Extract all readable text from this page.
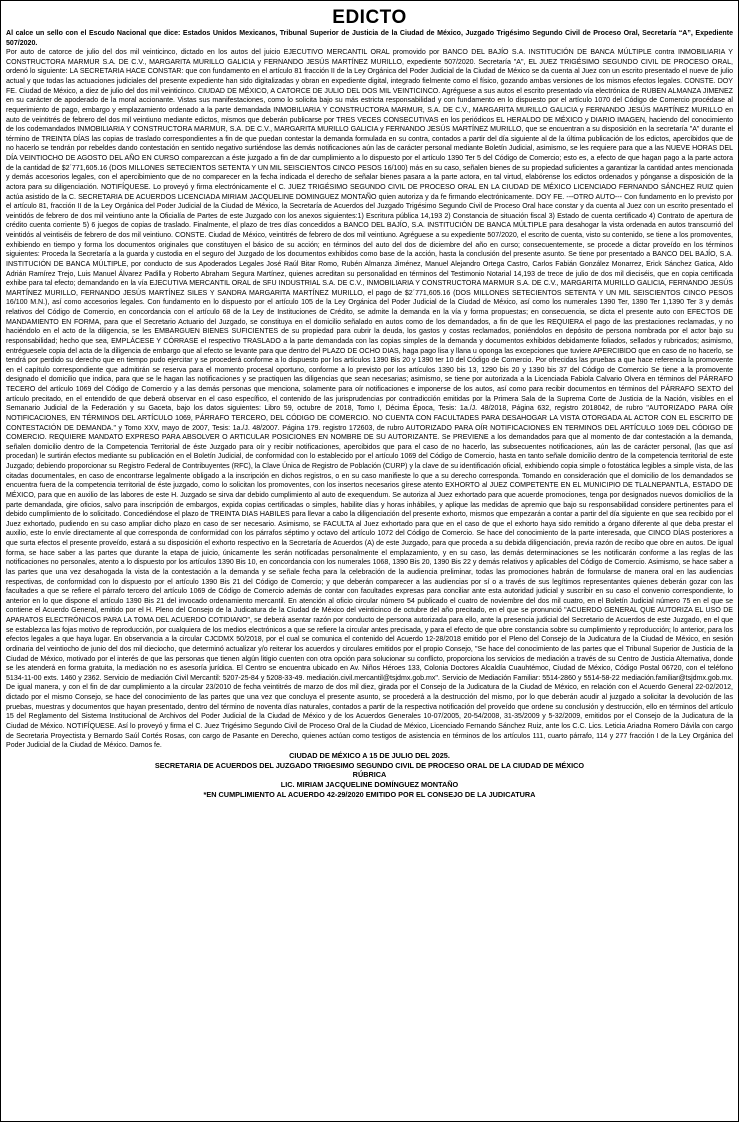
EDICTO

Al calce un sello con el Escudo Nacional que dice: Estados Unidos Mexicanos, Tribunal Superior de Justicia de la Ciudad de México, Juzgado Trigésimo Segundo Civil de Proceso Oral, Secretaría “A”, Expediente 507/2020.

Por auto de catorce de julio del dos mil veinticinco, dictado en los autos del juicio EJECUTIVO MERCANTIL ORAL promovido por BANCO DEL BAJÍO S.A. INSTITUCIÓN DE BANCA MÚLTIPLE contra INMOBILIARIA Y CONSTRUCTORA MARMUR S.A. DE C.V., MARGARITA MURILLO GALICIA y FERNANDO JESÚS MARTÍNEZ MURILLO, expediente 507/2020. Secretaría "A", EL JUEZ TRIGÉSIMO SEGUNDO CIVIL DE PROCESO ORAL, ordenó lo siguiente: LA SECRETARIA HACE CONSTAR: que con fundamento en el artículo 81 fracción II de la Ley Orgánica del Poder Judicial de la Ciudad de México se da cuenta al Juez con un escrito presentado el nueve de julio actual y que todas las actuaciones judiciales del presente expediente han sido digitalizadas y obran en expediente digital, integrado fielmente como el físico, gozando ambas versiones de los mismos efectos legales. CONSTE. DOY FE. Ciudad de México, a diez de julio del dos mil veinticinco. CIUDAD DE MÉXICO, A CATORCE DE JULIO DEL DOS MIL VEINTICINCO. Agréguese a sus autos el escrito presentado vía electrónica de RUBEN ALMANZA JIMENEZ en su carácter de apoderado de la moral accionante. Vistas sus manifestaciones, como lo solicita bajo su más estricta responsabilidad y con fundamento en lo dispuesto por el artículo 1070 del Código de Comercio procédase al requerimiento de pago, embargo y emplazamiento ordenado a la parte demandada INMOBILIARIA Y CONSTRUCTORA MARMUR, S.A. DE C.V., MARGARITA MURILLO GALICIA y FERNANDO JESÚS MARTÍNEZ MURILLO en auto de veintitrés de febrero del dos mil veintiuno mediante edictos, mismos que deberán publicarse por TRES VECES CONSECUTIVAS en los periódicos EL HERALDO DE MÉXICO y DIARIO IMAGEN, haciendo del conocimiento de los codemandados INMOBILIARIA Y CONSTRUCTORA MARMUR, S.A. DE C.V., MARGARITA MURILLO GALICIA y FERNANDO JESÚS MARTÍNEZ MURILLO, que se encuentran a su disposición en la secretaría "A" durante el término de TREINTA DÍAS las copias de traslado correspondientes a fin de que puedan contestar la demanda formulada en su contra, contados a partir del día siguiente al de la última publicación de los edictos, apercibidos que de no hacerlo se tendrán por rebeldes dando contestación en sentido negativo surtiéndose las demás notificaciones aún las de carácter personal mediante Boletín Judicial, asimismo, se les requiere para que a las NUEVE HORAS DEL DÍA VEINTIOCHO DE AGOSTO DEL AÑO EN CURSO comparezcan a éste juzgado a fin de dar cumplimiento a lo dispuesto por el artículo 1390 Ter 5 del Código de Comercio; esto es, a efecto de que hagan pago a la parte actora de la cantidad de $2´771,605.16 (DOS MILLONES SETECIENTOS SETENTA Y UN MIL SEISCIENTOS CINCO PESOS 16/100) más en su caso, señalen bienes de su propiedad suficientes a garantizar la cantidad antes mencionada y demás accesorios legales, con el apercibimiento que de no comparecer en la fecha indicada el derecho de señalar bienes pasara a la parte actora, en tal virtud, elabórense los edictos ordenados y pónganse a disposición de la actora para su diligenciación. NOTIFÍQUESE. Lo proveyó y firma electrónicamente el C. JUEZ TRIGÉSIMO SEGUNDO CIVIL DE PROCESO ORAL EN LA CIUDAD DE MÉXICO LICENCIADO FERNANDO SÁNCHEZ RUIZ quien actúa asistido de la C. SECRETARIA DE ACUERDOS LICENCIADA MIRIAM JACQUELINE DOMINGUEZ MONTAÑO quien autoriza y da fe firmando electrónicamente. DOY FE. ---OTRO AUTO--- Con fundamento en lo previsto por el artículo 81, fracción II de la Ley Orgánica del Poder Judicial de la Ciudad de México, la Secretaría de Acuerdos del Juzgado Trigésimo Segundo Civil de Proceso Oral hace constar y da cuenta al Juez con un escrito presentado el veintidós de febrero de dos mil veintiuno ante la Oficialía de Partes de este Juzgado con los anexos siguientes:1) Escritura pública 14,193 2) Constancia de situación fiscal 3) Estado de cuenta certificado 4) Contrato de apertura de crédito cuenta corriente 5) 6 juegos de copias de traslado. Finalmente, el plazo de tres días concedidos a BANCO DEL BAJÍO, S.A. INSTITUCIÓN DE BANCA MÚLTIPLE para desahogar la vista ordenada en autos transcurrió del veintidós al veintiséis de febrero de dos mil veintiuno. CONSTE. Ciudad de México, veintitrés de febrero de dos mil veintiuno. Agréguese a su expediente 507/2020, el escrito de cuenta, visto su contenido, se tiene a los promoventes, exhibiendo en tiempo y forma los documentos originales que constituyen el básico de su acción; en términos del auto del dos de diciembre del año en curso; consecuentemente, se procede a dictar proveído en los términos siguientes: Proceda la Secretaría a la guarda y custodia en el seguro del Juzgado de los documentos exhibidos como base de la acción, hasta la conclusión del presente asunto. Se tiene por presentado a BANCO DEL BAJÍO, S.A. INSTITUCIÓN DE BANCA MÚLTIPLE, por conducto de sus Apoderados Legales José Raúl Bitar Romo, Rubén Almanza Jiménez, Manuel Alejandro Ortega Castro, Carlos Fabián González Monarrez, Erick Sánchez Gatica, Aldo Adrián Ramírez Trejo, Luis Manuel Álvarez Padilla y Roberto Abraham Segura Martínez, quienes acreditan su personalidad en términos del Testimonio Notarial 14,193 de trece de julio de dos mil dieciséis, que en copia certificada exhibe para tal efecto; demandando en la vía EJECUTIVA MERCANTIL ORAL de SFU INDUSTRIAL S.A. DE C.V., INMOBILIARIA Y CONSTRUCTORA MARMUR S.A. DE C.V., MARGARITA MURILLO GALICIA, FERNANDO JESÚS MARTÍNEZ MURILLO, FERNANDO JESÚS MARTÍNEZ SILES Y SANDRA MARGARITA MARTÍNEZ MURILLO, el pago de $2´771,605.16 (DOS MILLONES SETECIENTOS SETENTA Y UN MIL SEISCIENTOS CINCO PESOS 16/100 M.N.), así como accesorios legales. Con fundamento en lo dispuesto por el artículo 105 de la Ley Orgánica del Poder Judicial de la Ciudad de México, así como los numerales 1390 Ter, 1390 Ter 1,1390 Ter 3 y demás relativos del Código de Comercio, en concordancia con el artículo 68 de la Ley de Instituciones de Crédito, se admite la demanda en la vía y forma propuestas; en consecuencia, se dicta el presente auto con EFECTOS DE MANDAMIENTO EN FORMA, para que el Secretario Actuario del Juzgado, se constituya en el domicilio señalado en autos como de los demandados, a fin de que les REQUIERA el pago de las prestaciones reclamadas, y no haciéndolo en el acto de la diligencia, se les EMBARGUEN BIENES SUFICIENTES de su propiedad para cubrir la deuda, los gastos y costas reclamados, poniéndolos en depósito de persona nombrada por el actor bajo su responsabilidad; hecho que sea, EMPLÁCESE Y CÓRRASE el respectivo TRASLADO a la parte demandada con las copias simples de la demanda y documentos exhibidos debidamente foliados, sellados y rubricados; asimismo, entréguesele copia del acta de la diligencia de embargo que al efecto se levante para que dentro del PLAZO DE OCHO DIAS, haga pago lisa y llana u oponga las excepciones que tuviere APERCIBIDO que en caso de no hacerlo, se tendrá por perdido su derecho que en tiempo pudo ejercitar y se procederá conforme a lo dispuesto por los artículos 1390 Bis 20 y 1390 ter 10 del Código de Comercio. Por ofrecidas las pruebas a que hace referencia la promovente en el capítulo correspondiente que admitirán se reserva para el momento procesal oportuno, conforme a lo previsto por los artículos 1390 bis 13, 1290 bis 20 y 1390 bis 37 del Código de Comercio Se tiene a la promovente designado el domicilio que indica, para que se le hagan las notificaciones y se practiquen las diligencias que sean necesarias; asimismo, se tiene por autorizada a la Licenciada Fabiola Calvario Olvera en términos del PÁRRAFO TECERO del artículo 1069 del Código de Comercio y a las demás personas que menciona, solamente para oír notificaciones e imponerse de los autos, así como para recibir documentos en términos del PÁRRAFO SEXTO del artículo precitado, en el entendido de que deberá observar en el caso específico, el contenido de las jurisprudencias por contradicción emitidas por la Primera Sala de la Suprema Corte de Justicia de la Nación, visibles en el Semanario Judicial de la Federación y su Gaceta, bajo los datos siguientes: Libro 59, octubre de 2018, Tomo I, Décima Época, Tesis: 1a./J. 48/2018, Página 632, registro 2018042, de rubro "AUTORIZADO PARA OÍR NOTIFICACIONES, EN TÉRMINOS DEL ARTÍCULO 1069, PÁRRAFO TERCERO, DEL CÓDIGO DE COMERCIO. NO CUENTA CON FACULTADES PARA DESAHOGAR LA VISTA OTORGADA AL ACTOR CON EL ESCRITO DE CONTESTACIÓN DE DEMANDA." y Tomo XXV, mayo de 2007, Tesis: 1a./J. 48/2007. Página 179. registro 172603, de rubro AUTORIZADO PARA OÍR NOTIFICACIONES EN TERMINOS DEL ARTÍCULO 1069 DEL CÓDIGO DE COMERCIO. REQUIERE MANDATO EXPRESO PARA ABSOLVER O ARTICULAR POSICIONES EN NOMBRE DE SU AUTORIZANTE. Se PREVIENE a los demandados para que al momento de dar contestación a la demanda, señalen domicilio dentro de la Competencia Territorial de éste Juzgado para oír y recibir notificaciones, apercibidos que para el caso de no hacerlo, las subsecuentes notificaciones, aún las de carácter personal, (las que así procedan) le surtirán efectos mediante su publicación en el Boletín Judicial, de conformidad con lo establecido por el artículo 1069 del Código de Comercio, hasta en tanto señale domicilio dentro de la competencia territorial de este Juzgado; debiendo proporcionar su Registro Federal de Contribuyentes (RFC), la Clave Única de Registro de Población (CURP) y la clave de su identificación oficial, exhibiendo copia simple o fotostática legibles a simple vista, de las citadas documentales, en caso de encontrarse legalmente obligado a la inscripción en dichos registros, o en su caso manifieste lo que a su derecho corresponda. Tomando en consideración que el domicilio de los demandados se encuentra fuera de la competencia territorial de éste juzgado, como lo solicitan los promoventes, con los insertos necesarios gírese atento EXHORTO al JUEZ COMPETENTE EN EL MUNICIPIO DE TLALNEPANTLA, ESTADO DE MÉXICO, para que en auxilio de las labores de este H. Juzgado se sirva dar debido cumplimiento al auto de exequendum. Se autoriza al Juez exhortado para que acuerde promociones, tenga por designados nuevos domicilios de la parte demandada, gire oficios, salvo para inscripción de embargos, expida copias certificadas o simples, habilite días y horas inhábiles, y aplique las medidas de apremio que bajo su responsabilidad considere pertinentes para el debido cumplimiento de lo solicitado. Concediéndose el plazo de TREINTA DIAS HABILES para llevar a cabo la diligenciación del presente exhorto, mismos que empezarán a contar a partir del día siguiente en que sea recibido por el Juez exhortado, pudiendo en su caso ampliar dicho plazo en caso de ser necesario. Asimismo, se FACULTA al Juez exhortado para que en el caso de que el exhorto haya sido remitido a órgano diferente al que deba prestar el auxilio, este lo envíe directamente al que corresponda de conformidad con los párrafos séptimo y octavo del artículo 1072 del Código de Comercio. Se hace del conocimiento de la parte interesada, que CINCO DÍAS posteriores a que surta efectos el presente proveído, estará a su disposición el exhorto respectivo en la Secretaría de Acuerdos (A) de este Juzgado, para que proceda a su debida diligenciación, previa razón de recibo que obre en autos. De igual forma, se hace saber a las partes que durante la etapa de juicio, únicamente les serán notificadas personalmente el emplazamiento, y en su caso, las demás determinaciones se les notificarán conforme a las reglas de las notificaciones no personales, atento a lo dispuesto por los artículos 1390 Bis 10, en concordancia con los numerales 1068, 1390 Bis 20, 1390 Bis 22 y demás relativos y aplicables del Código de Comercio. Asimismo, se hace saber a las partes que una vez desahogada la vista de la contestación a la demanda y se señale fecha para la celebración de la audiencia preliminar, todas las promociones habrán de formularse de manera oral en las audiencias respectivas, de conformidad con lo dispuesto por el artículo 1390 Bis 21 del Código de Comercio; y que deberán comparecer a las audiencias por sí o a través de sus legítimos representantes quienes deberán gozar con las facultades a que se refiere el párrafo tercero del artículo 1069 de Código de Comercio además de contar con facultades expresas para conciliar ante esta autoridad judicial y suscribir en su caso el convenio correspondiente, lo anterior en lo que dispone el artículo 1390 Bis 21 del invocado ordenamiento mercantil. En atención al oficio circular número 54 publicado el cuatro de noviembre del dos mil cuatro, en el Boletín Judicial número 75 en el que se contiene el Acuerdo General, emitido por el H. Pleno del Consejo de la Judicatura de la Ciudad de México del veinticinco de octubre del año precitado, en el que se pronunció "ACUERDO GENERAL QUE AUTORIZA EL USO DE APARATOS ELECTRÓNICOS PARA LA TOMA DEL ACUERDO COTIDIANO", se deberá asentar razón por conducto de persona autorizada para ello, ante la presencia judicial del Secretario de Acuerdos de este Juzgado, en el que se establezca las fojas motivo de reproducción, por cualquiera de los medios electrónicos a que se refiere la circular antes precisada, y para el efecto de que obre constancia sobre su cumplimiento y reproducción; lo anterior, para los efectos legales a que haya lugar. En observancia a la circular CJCDMX 50/2018, por el cual se comunica el contenido del Acuerdo 12-28/2018 emitido por el Pleno del Consejo de la Judicatura de la Ciudad de México, en sesión ordinaria del veintiocho de junio del dos mil dieciocho, que determinó actualizar y/o reiterar los acuerdos y circulares emitidos por el propio Consejo, "Se hace del conocimiento de las partes que el Tribunal Superior de Justicia de la Ciudad de México, motivado por el interés de que las personas que tienen algún litigio cuenten con otra opción para solucionar su conflicto, proporciona los servicios de mediación a través de su Centro de Justicia Alternativa, donde se les atenderá en forma gratuita, la mediación no es asesoría jurídica. El Centro se encuentra ubicado en Av. Niños Héroes 133, Colonia Doctores Alcaldía Cuauhtémoc, Ciudad de México, Código Postal 06720, con el teléfono 5134-11-00 exts. 1460 y 2362. Servicio de mediación Civil Mercantil: 5207-25-84 y 5208-33-49. mediación.civil.mercantil@tsjdmx.gob.mx". Servicio de Mediación Familiar: 5514-2860 y 5514-58-22 mediación.familiar@tsjdmx.gob.mx. De igual manera, y con el fin de dar cumplimiento a la circular 23/2010 de fecha veintitrés de marzo de dos mil diez, girada por el Consejo de la Judicatura de la Ciudad de México, en relación con el Acuerdo General 22-02/2012, dictado por el mismo Consejo, se hace del conocimiento de las partes que una vez que concluya el presente asunto, se procederá a la destrucción del mismo, por lo que deberán acudir al juzgado a solicitar la devolución de las pruebas, muestras y documentos que hayan presentado, dentro del término de noventa días naturales, contados a partir de la respectiva notificación del proveído que ordene su conclusión y destrucción, ello en términos del artículo 15 del Reglamento del Sistema Institucional de Archivos del Poder Judicial de la Ciudad de México y de los Acuerdos Generales 10-07/2005, 20-54/2008, 31-35/2009 y 5-32/2009, emitidos por el Consejo de la Judicatura de la Ciudad de México. NOTIFÍQUESE. Así lo proveyó y firma el C. Juez Trigésimo Segundo Civil de Proceso Oral de la Ciudad de México, Licenciado Fernando Sánchez Ruiz, ante los C.C. Lics. Leticia Ariadna Romero Dávila con cargo de Secretaria Proyectista y Bernardo Saúl Cortés Rosas, con cargo de Pasante en Derecho, quienes actúan como testigos de asistencia en términos de los artículos 111, cuarto párrafo, 114 y 277 fracción I de la Ley Orgánica del Poder Judicial de la Ciudad de México. Damos fe.

CIUDAD DE MÉXICO A 15 DE JULIO DEL 2025.
SECRETARIA DE ACUERDOS DEL JUZGADO TRIGESIMO SEGUNDO CIVIL DE PROCESO ORAL DE LA CIUDAD DE MÉXICO
RÚBRICA
LIC. MIRIAM JACQUELINE DOMÍNGUEZ MONTAÑO
*EN CUMPLIMIENTO AL ACUERDO 42-29/2020 EMITIDO POR EL CONSEJO DE LA JUDICATURA
